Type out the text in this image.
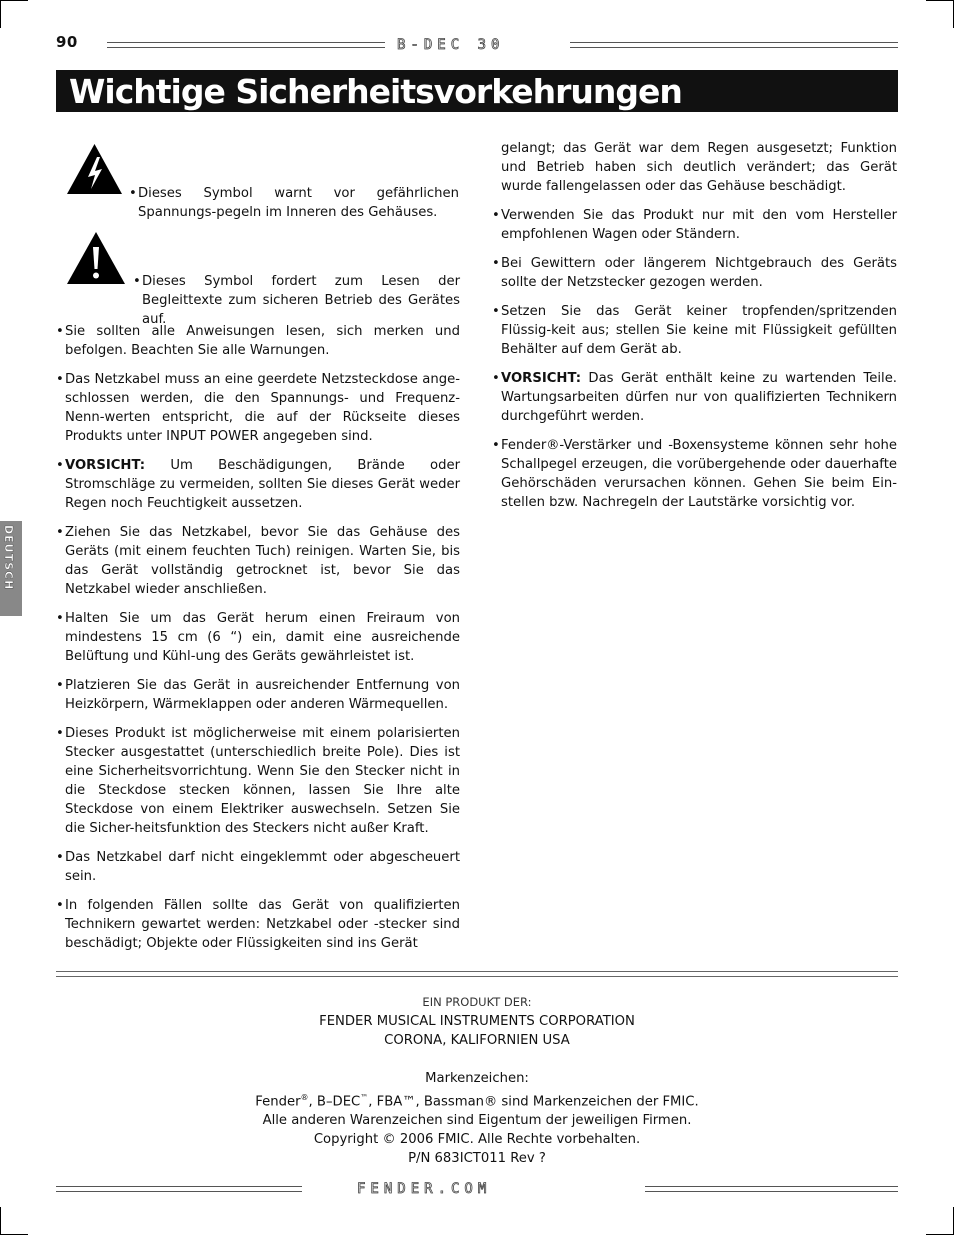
90	B-DEC 30
Wichtige Sicherheitsvorkehrungen
DEUTSCH
• Dieses Symbol warnt vor gefährlichen Spannungs-pegeln im Inneren des Gehäuses.
• Dieses Symbol fordert zum Lesen der Begleittexte zum sicheren Betrieb des Gerätes auf.
• Sie sollten alle Anweisungen lesen, sich merken und befolgen. Beachten Sie alle Warnungen.
• Das Netzkabel muss an eine geerdete Netzsteckdose ange-schlossen werden, die den Spannungs- und Frequenz-Nenn-werten entspricht, die auf der Rückseite dieses Produkts unter INPUT POWER angegeben sind.
• VORSICHT: Um Beschädigungen, Brände oder Stromschläge zu vermeiden, sollten Sie dieses Gerät weder Regen noch Feuchtigkeit aussetzen.
• Ziehen Sie das Netzkabel, bevor Sie das Gehäuse des Geräts (mit einem feuchten Tuch) reinigen. Warten Sie, bis das Gerät vollständig getrocknet ist, bevor Sie das Netzkabel wieder anschließen.
• Halten Sie um das Gerät herum einen Freiraum von mindestens 15 cm (6 “) ein, damit eine ausreichende Belüftung und Kühl-ung des Geräts gewährleistet ist.
• Platzieren Sie das Gerät in ausreichender Entfernung von Heizkörpern, Wärmeklappen oder anderen Wärmequellen.
• Dieses Produkt ist möglicherweise mit einem polarisierten Stecker ausgestattet (unterschiedlich breite Pole). Dies ist eine Sicherheitsvorrichtung. Wenn Sie den Stecker nicht in die Steckdose stecken können, lassen Sie Ihre alte Steckdose von einem Elektriker auswechseln. Setzen Sie die Sicher-heitsfunktion des Steckers nicht außer Kraft.
• Das Netzkabel darf nicht eingeklemmt oder abgescheuert sein.
• In folgenden Fällen sollte das Gerät von qualifizierten Technikern gewartet werden: Netzkabel oder -stecker sind beschädigt; Objekte oder Flüssigkeiten sind ins Gerät
gelangt; das Gerät war dem Regen ausgesetzt; Funktion und Betrieb haben sich deutlich verändert; das Gerät wurde fallengelassen oder das Gehäuse beschädigt.
• Verwenden Sie das Produkt nur mit den vom Hersteller empfohlenen Wagen oder Ständern.
• Bei Gewittern oder längerem Nichtgebrauch des Geräts sollte der Netzstecker gezogen werden.
• Setzen Sie das Gerät keiner tropfenden/spritzenden Flüssig-keit aus; stellen Sie keine mit Flüssigkeit gefüllten Behälter auf dem Gerät ab.
• VORSICHT: Das Gerät enthält keine zu wartenden Teile. Wartungsarbeiten dürfen nur von qualifizierten Technikern durchgeführt werden.
• Fender®-Verstärker und -Boxensysteme können sehr hohe Schallpegel erzeugen, die vorübergehende oder dauerhafte Gehörschäden verursachen können. Gehen Sie beim Ein-stellen bzw. Nachregeln der Lautstärke vorsichtig vor.
EIN PRODUKT DER:
FENDER MUSICAL INSTRUMENTS CORPORATION
CORONA, KALIFORNIEN USA
Markenzeichen:
Fender®, B–DEC™, FBA™, Bassman® sind Markenzeichen der FMIC.
Alle anderen Warenzeichen sind Eigentum der jeweiligen Firmen.
Copyright © 2006 FMIC. Alle Rechte vorbehalten.
P/N 683ICT011 Rev ?
FENDER.COM
